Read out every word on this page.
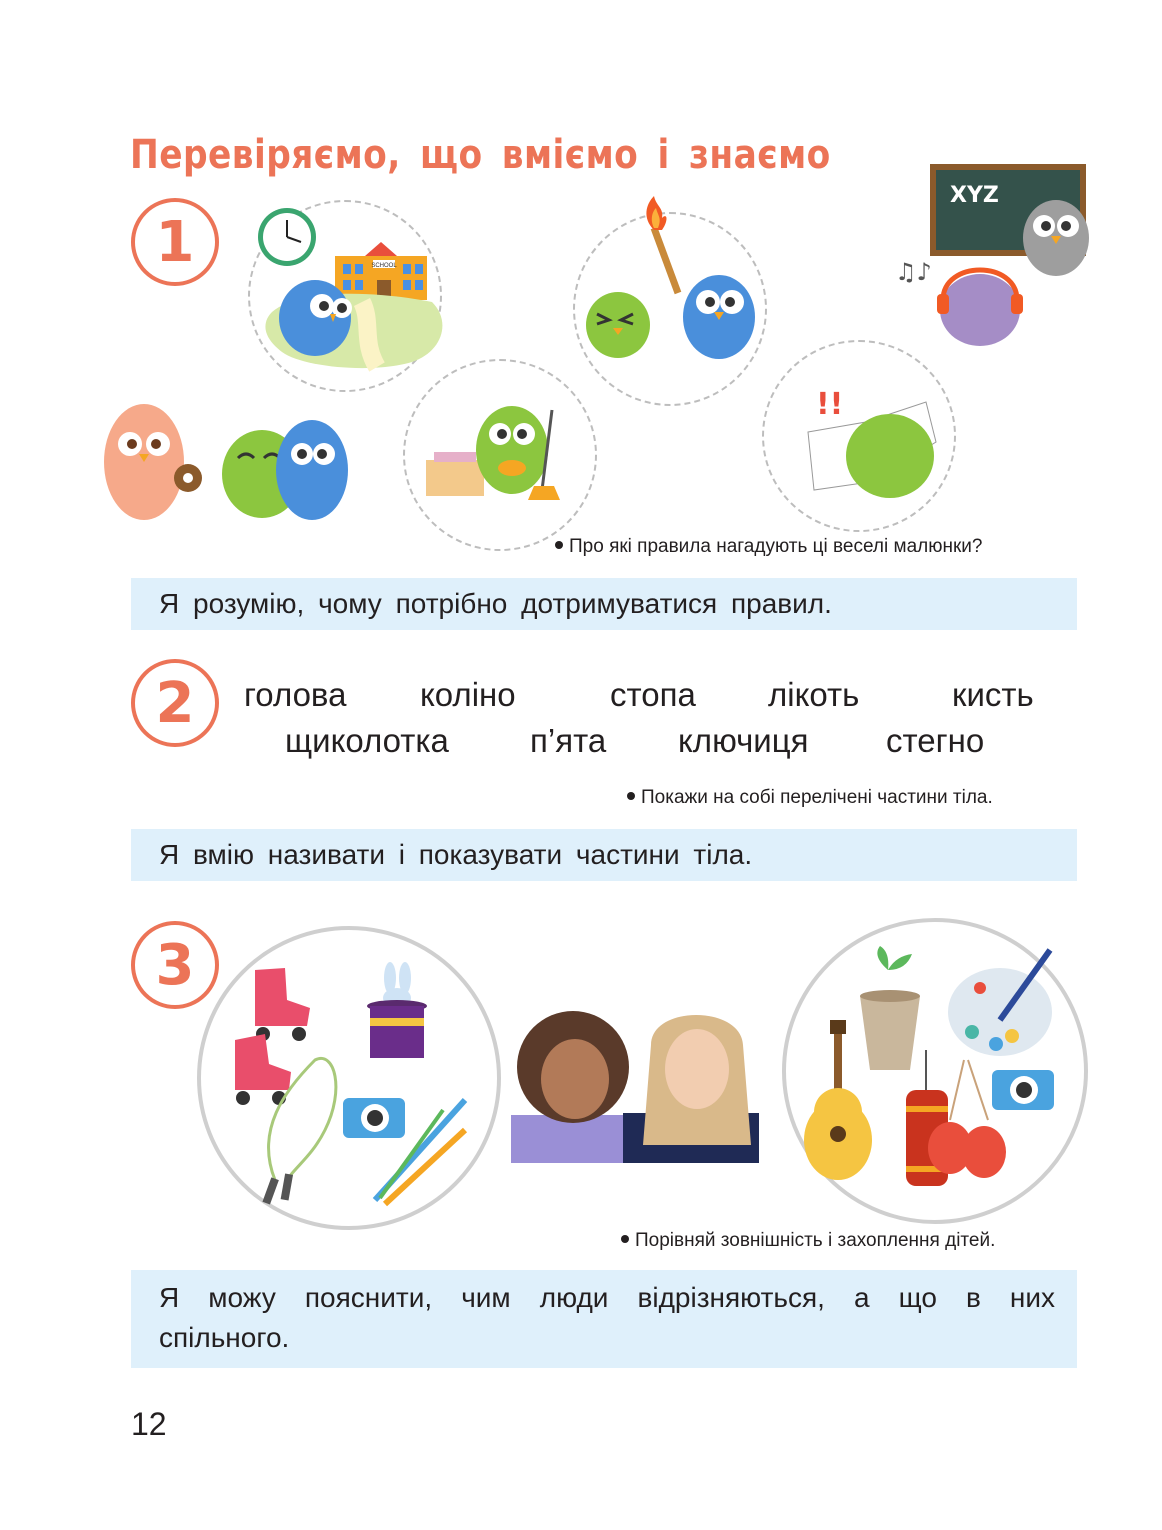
Перевіряємо, що вміємо і знаємо
1	SCHOOL
XYZ
♫♪
!!
Про які правила нагадують ці веселі малюнки?
Я розумію, чому потрібно дотримуватися правил.
2	голова коліно	стопа лікоть	кисть
щиколотка п’ята ключиця стегно
Покажи на собі перелічені частини тіла.
Я вмію називати і показувати частини тіла.
3
Порівняй зовнішність і захоплення дітей.
Я можу пояснити, чим люди відрізняються, а що в них спільного.
12
